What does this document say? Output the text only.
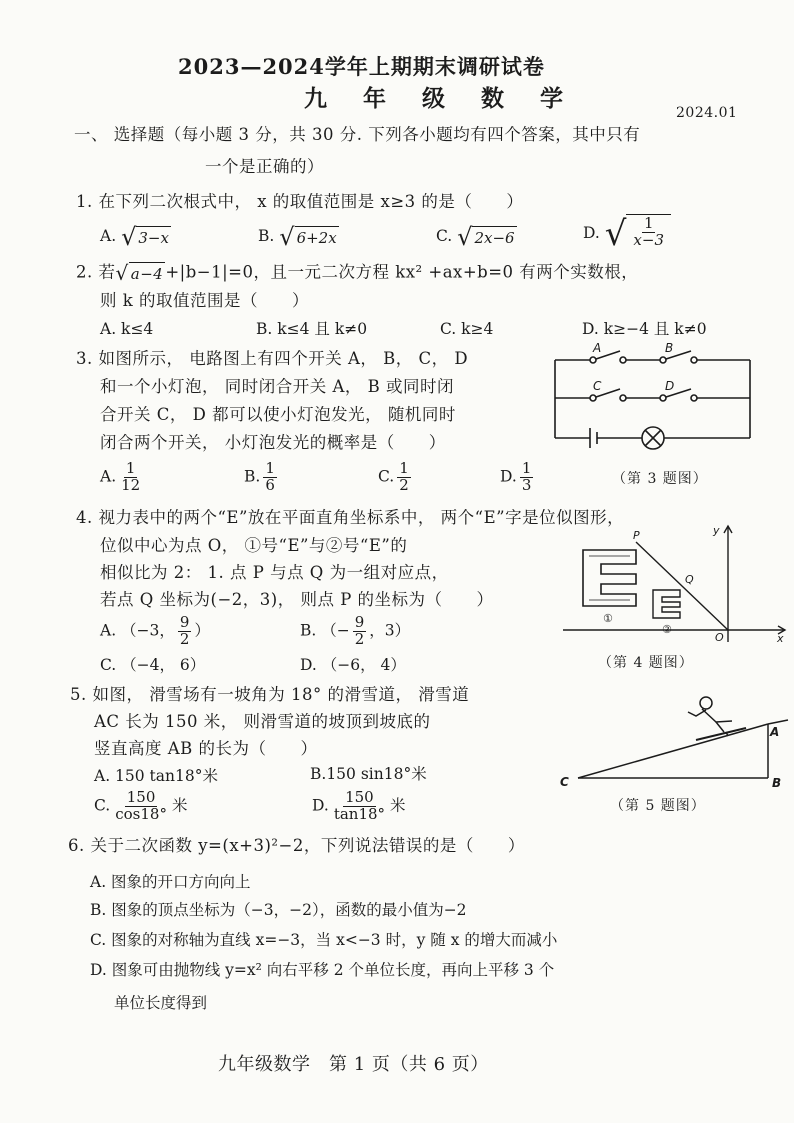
2023—2024学年上期期末调研试卷
九 年 级 数 学
2024.01
一、 选择题（每小题 3 分，共 30 分. 下列各小题均有四个答案，其中只有
一个是正确的）
1. 在下列二次根式中， x 的取值范围是 x≥3 的是（　　）
A. √ 3−x	B. √ 6+2x	C. √ 2x−6	D. √ $\frac{1}{x-3}$
2. 若 √ a−4 +|b−1|=0，且一元二次方程 kx² +ax+b=0 有两个实数根，
则 k 的取值范围是（　　）
A. k≤4	B. k≤4 且 k≠0	C. k≥4	D. k≥−4 且 k≠0
3. 如图所示， 电路图上有四个开关 A， B， C， D
和一个小灯泡， 同时闭合开关 A， B 或同时闭
合开关 C， D 都可以使小灯泡发光， 随机同时
闭合两个开关， 小灯泡发光的概率是（　　）
A. $\frac{1}{12}$	B. $\frac{1}{6}$	C. $\frac{1}{2}$	D. $\frac{1}{3}$
A	B
C	D
（第 3 题图）
4. 视力表中的两个“E”放在平面直角坐标系中， 两个“E”字是位似图形，
位似中心为点 O， ①号“E”与②号“E”的
相似比为 2： 1. 点 P 与点 Q 为一组对应点，
若点 Q 坐标为(−2，3)， 则点 P 的坐标为（　　）
A. （−3， $\frac{9}{2}$ ）	B. （− $\frac{9}{2}$ ，3）
C. （−4， 6）	D. （−6， 4）
P
Q
y
x
O
①
②
（第 4 题图）
5. 如图， 滑雪场有一坡角为 18° 的滑雪道， 滑雪道
AC 长为 150 米， 则滑雪道的坡顶到坡底的
竖直高度 AB 的长为（　　）
A. 150 tan18°米	B.150 sin18°米
C. $\frac{150}{\cos 18^\circ}$ 米	D. $\frac{150}{\tan 18^\circ}$ 米
A
B
C
（第 5 题图）
6. 关于二次函数 y=(x+3)²−2，下列说法错误的是（　　）
A. 图象的开口方向向上
B. 图象的顶点坐标为（−3，−2），函数的最小值为−2
C. 图象的对称轴为直线 x=−3，当 x<−3 时，y 随 x 的增大而减小
D. 图象可由抛物线 y=x² 向右平移 2 个单位长度，再向上平移 3 个
单位长度得到
九年级数学　第 1 页（共 6 页）
